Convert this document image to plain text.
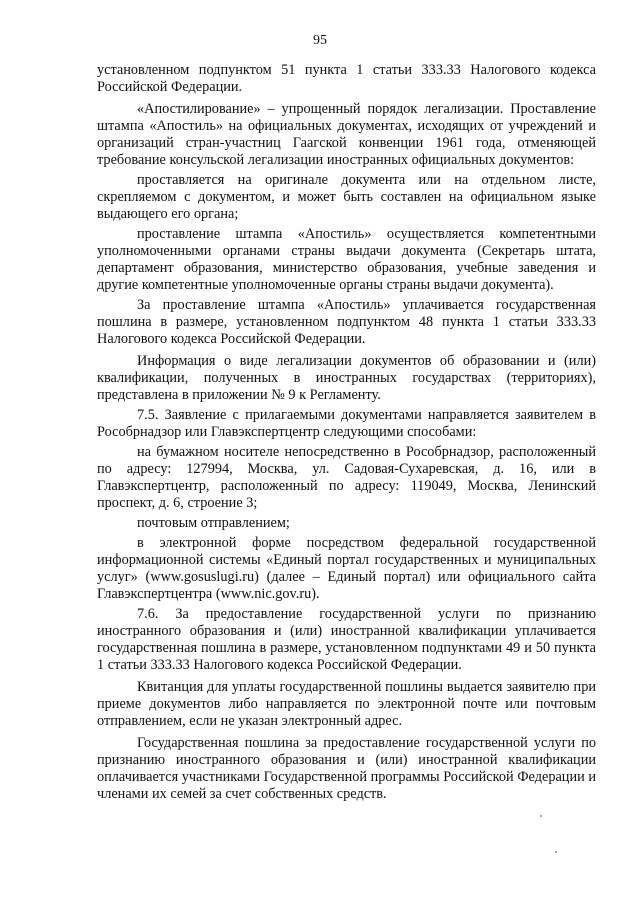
95

установленном подпунктом 51 пункта 1 статьи 333.33 Налогового кодекса Российской Федерации.

«Апостилирование» – упрощенный порядок легализации. Проставление штампа «Апостиль» на официальных документах, исходящих от учреждений и организаций стран-участниц Гаагской конвенции 1961 года, отменяющей требование консульской легализации иностранных официальных документов:

проставляется на оригинале документа или на отдельном листе, скрепляемом с документом, и может быть составлен на официальном языке выдающего его органа;

проставление штампа «Апостиль» осуществляется компетентными уполномоченными органами страны выдачи документа (Секретарь штата, департамент образования, министерство образования, учебные заведения и другие компетентные уполномоченные органы страны выдачи документа).

За проставление штампа «Апостиль» уплачивается государственная пошлина в размере, установленном подпунктом 48 пункта 1 статьи 333.33 Налогового кодекса Российской Федерации.

Информация о виде легализации документов об образовании и (или) квалификации, полученных в иностранных государствах (территориях), представлена в приложении № 9 к Регламенту.

7.5. Заявление с прилагаемыми документами направляется заявителем в Рособрнадзор или Главэкспертцентр следующими способами:

на бумажном носителе непосредственно в Рособрнадзор, расположенный по адресу: 127994, Москва, ул. Садовая-Сухаревская, д. 16, или в Главэкспертцентр, расположенный по адресу: 119049, Москва, Ленинский проспект, д. 6, строение 3;

почтовым отправлением;

в электронной форме посредством федеральной государственной информационной системы «Единый портал государственных и муниципальных услуг» (www.gosuslugi.ru) (далее – Единый портал) или официального сайта Главэкспертцентра (www.nic.gov.ru).

7.6. За предоставление государственной услуги по признанию иностранного образования и (или) иностранной квалификации уплачивается государственная пошлина в размере, установленном подпунктами 49 и 50 пункта 1 статьи 333.33 Налогового кодекса Российской Федерации.

Квитанция для уплаты государственной пошлины выдается заявителю при приеме документов либо направляется по электронной почте или почтовым отправлением, если не указан электронный адрес.

Государственная пошлина за предоставление государственной услуги по признанию иностранного образования и (или) иностранной квалификации оплачивается участниками Государственной программы Российской Федерации и членами их семей за счет собственных средств.
